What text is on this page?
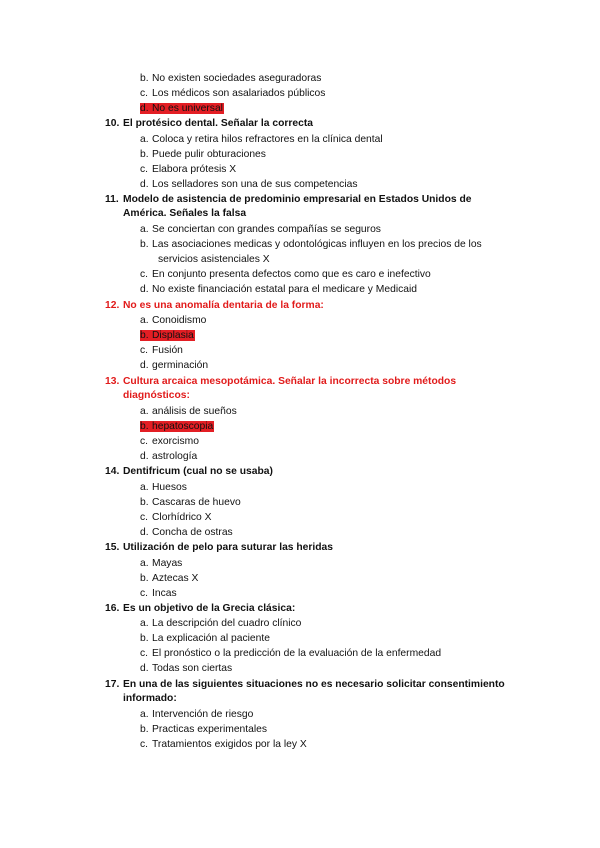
b. No existen sociedades aseguradoras
c. Los médicos son asalariados públicos
d. No es universal
10. El protésico dental. Señalar la correcta
a. Coloca y retira hilos refractores en la clínica dental
b. Puede pulir obturaciones
c. Elabora prótesis X
d. Los selladores son una de sus competencias
11. Modelo de asistencia de predominio empresarial en Estados Unidos de
América. Señales la falsa
a. Se conciertan con grandes compañías se seguros
b. Las asociaciones medicas y odontológicas influyen en los precios de los
servicios asistenciales X
c. En conjunto presenta defectos como que es caro e inefectivo
d. No existe financiación estatal para el medicare y Medicaid
12. No es una anomalía dentaria de la forma:
a. Conoidismo
b. Displasia
c. Fusión
d. germinación
13. Cultura arcaica mesopotámica. Señalar la incorrecta sobre métodos
diagnósticos:
a. análisis de sueños
b. hepatoscopia
c. exorcismo
d. astrología
14. Dentifricum (cual no se usaba)
a. Huesos
b. Cascaras de huevo
c. Clorhídrico X
d. Concha de ostras
15. Utilización de pelo para suturar las heridas
a. Mayas
b. Aztecas X
c. Incas
16. Es un objetivo de la Grecia clásica:
a. La descripción del cuadro clínico
b. La explicación al paciente
c. El pronóstico o la predicción de la evaluación de la enfermedad
d. Todas son ciertas
17. En una de las siguientes situaciones no es necesario solicitar consentimiento
informado:
a. Intervención de riesgo
b. Practicas experimentales
c. Tratamientos exigidos por la ley X
